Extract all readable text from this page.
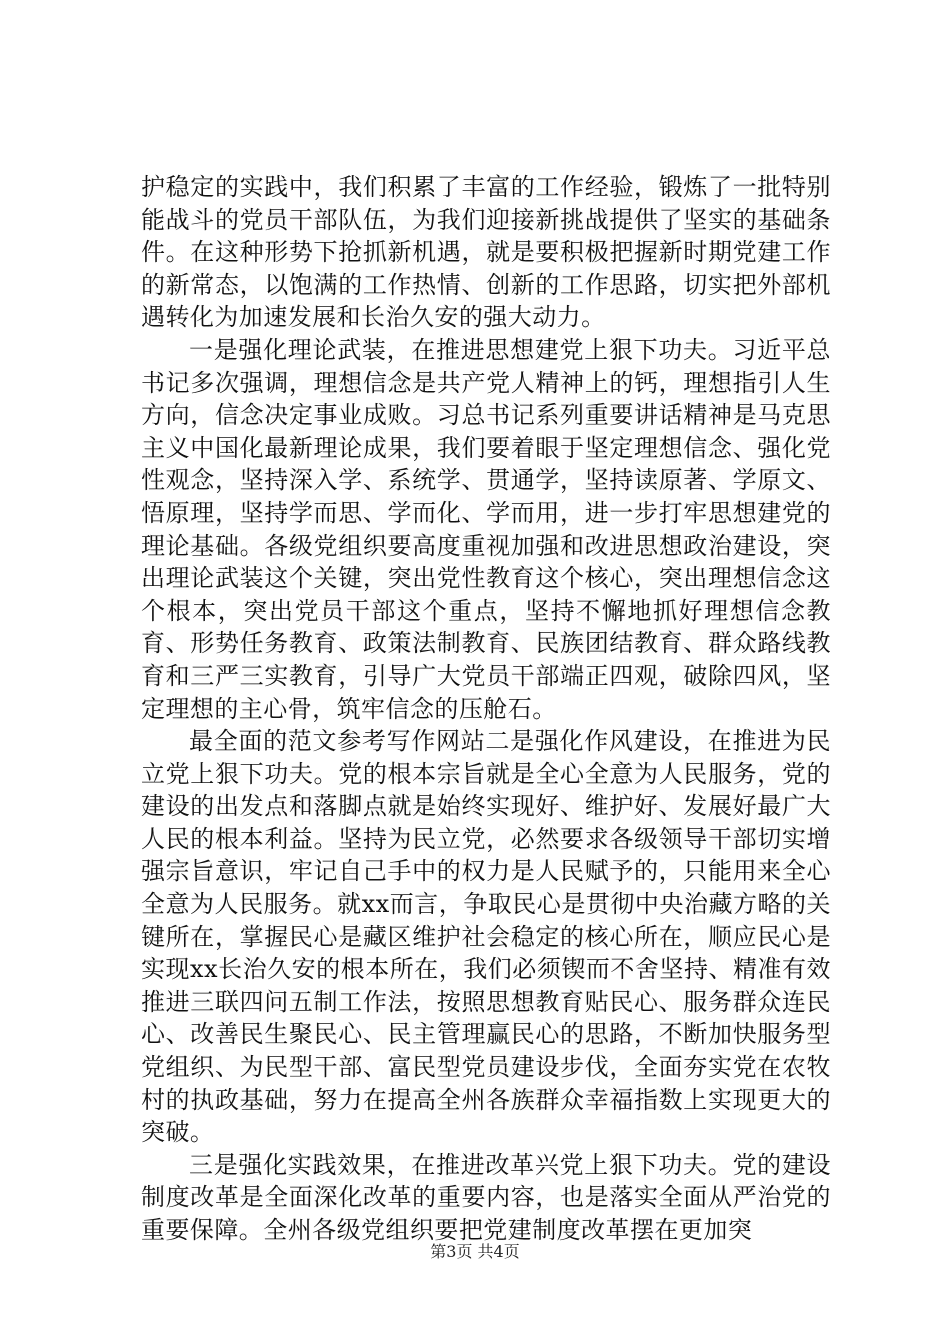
护稳定的实践中，我们积累了丰富的工作经验，锻炼了一批特别能战斗的党员干部队伍，为我们迎接新挑战提供了坚实的基础条件。在这种形势下抢抓新机遇，就是要积极把握新时期党建工作的新常态，以饱满的工作热情、创新的工作思路，切实把外部机遇转化为加速发展和长治久安的强大动力。

一是强化理论武装，在推进思想建党上狠下功夫。习近平总书记多次强调，理想信念是共产党人精神上的钙，理想指引人生方向，信念决定事业成败。习总书记系列重要讲话精神是马克思主义中国化最新理论成果，我们要着眼于坚定理想信念、强化党性观念，坚持深入学、系统学、贯通学，坚持读原著、学原文、悟原理，坚持学而思、学而化、学而用，进一步打牢思想建党的理论基础。各级党组织要高度重视加强和改进思想政治建设，突出理论武装这个关键，突出党性教育这个核心，突出理想信念这个根本，突出党员干部这个重点，坚持不懈地抓好理想信念教育、形势任务教育、政策法制教育、民族团结教育、群众路线教育和三严三实教育，引导广大党员干部端正四观，破除四风，坚定理想的主心骨，筑牢信念的压舱石。

最全面的范文参考写作网站二是强化作风建设，在推进为民立党上狠下功夫。党的根本宗旨就是全心全意为人民服务，党的建设的出发点和落脚点就是始终实现好、维护好、发展好最广大人民的根本利益。坚持为民立党，必然要求各级领导干部切实增强宗旨意识，牢记自己手中的权力是人民赋予的，只能用来全心全意为人民服务。就xx而言，争取民心是贯彻中央治藏方略的关键所在，掌握民心是藏区维护社会稳定的核心所在，顺应民心是实现xx长治久安的根本所在，我们必须锲而不舍坚持、精准有效推进三联四问五制工作法，按照思想教育贴民心、服务群众连民心、改善民生聚民心、民主管理赢民心的思路，不断加快服务型党组织、为民型干部、富民型党员建设步伐，全面夯实党在农牧村的执政基础，努力在提高全州各族群众幸福指数上实现更大的突破。

三是强化实践效果，在推进改革兴党上狠下功夫。党的建设制度改革是全面深化改革的重要内容，也是落实全面从严治党的重要保障。全州各级党组织要把党建制度改革摆在更加突

第3页 共4页
